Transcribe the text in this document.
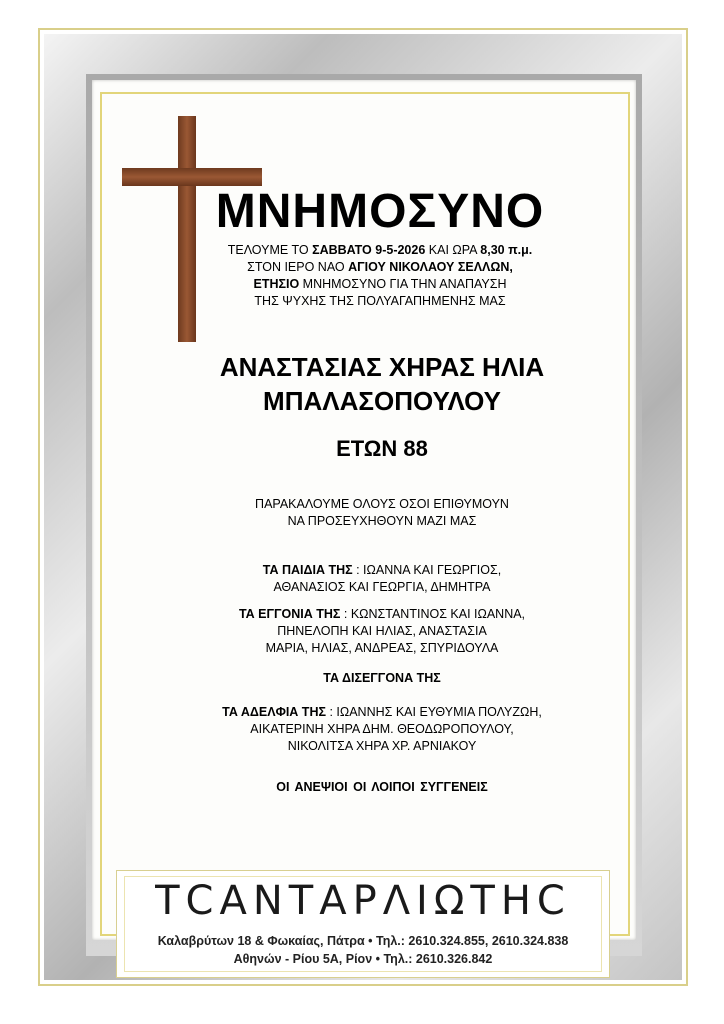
ΜΝΗΜΟΣΥΝΟ
ΤΕΛΟΥΜΕ ΤΟ ΣΑΒΒΑΤΟ 9-5-2026 ΚΑΙ ΩΡΑ 8,30 π.μ.
ΣΤΟΝ ΙΕΡΟ ΝΑΟ ΑΓΙΟΥ ΝΙΚΟΛΑΟΥ ΣΕΛΛΩΝ,
ΕΤΗΣΙΟ ΜΝΗΜΟΣΥΝΟ ΓΙΑ ΤΗΝ ΑΝΑΠΑΥΣΗ
ΤΗΣ ΨΥΧΗΣ ΤΗΣ ΠΟΛΥΑΓΑΠΗΜΕΝΗΣ ΜΑΣ
ΑΝΑΣΤΑΣΙΑΣ ΧΗΡΑΣ ΗΛΙΑ
ΜΠΑΛΑΣΟΠΟΥΛΟΥ
ΕΤΩΝ 88
ΠΑΡΑΚΑΛΟΥΜΕ ΟΛΟΥΣ ΟΣΟΙ ΕΠΙΘΥΜΟΥΝ
ΝΑ ΠΡΟΣΕΥΧΗΘΟΥΝ ΜΑΖΙ ΜΑΣ
ΤΑ ΠΑΙΔΙΑ ΤΗΣ : ΙΩΑΝΝΑ ΚΑΙ ΓΕΩΡΓΙΟΣ,
ΑΘΑΝΑΣΙΟΣ ΚΑΙ ΓΕΩΡΓΙΑ, ΔΗΜΗΤΡΑ
ΤΑ ΕΓΓΟΝΙΑ ΤΗΣ : ΚΩΝΣΤΑΝΤΙΝΟΣ ΚΑΙ ΙΩΑΝΝΑ,
ΠΗΝΕΛΟΠΗ ΚΑΙ ΗΛΙΑΣ, ΑΝΑΣΤΑΣΙΑ
ΜΑΡΙΑ, ΗΛΙΑΣ, ΑΝΔΡΕΑΣ, ΣΠΥΡΙΔΟΥΛΑ
ΤΑ ΔΙΣΕΓΓΟΝΑ ΤΗΣ
ΤΑ ΑΔΕΛΦΙΑ ΤΗΣ : ΙΩΑΝΝΗΣ ΚΑΙ ΕΥΘΥΜΙΑ ΠΟΛΥΖΩΗ,
ΑΙΚΑΤΕΡΙΝΗ ΧΗΡΑ ΔΗΜ. ΘΕΟΔΩΡΟΠΟΥΛΟΥ,
ΝΙΚΟΛΙΤΣΑ ΧΗΡΑ ΧΡ. ΑΡΝΙΑΚΟΥ
ΟΙ ΑΝΕΨΙΟΙ ΟΙ ΛΟΙΠΟΙ ΣΥΓΓΕΝΕΙΣ
ΤCΑΝΤΑΡΛΙΩΤΗC
Καλαβρύτων 18 & Φωκαίας, Πάτρα • Τηλ.: 2610.324.855, 2610.324.838
Αθηνών - Ρίου 5Α, Ρίον • Τηλ.: 2610.326.842
